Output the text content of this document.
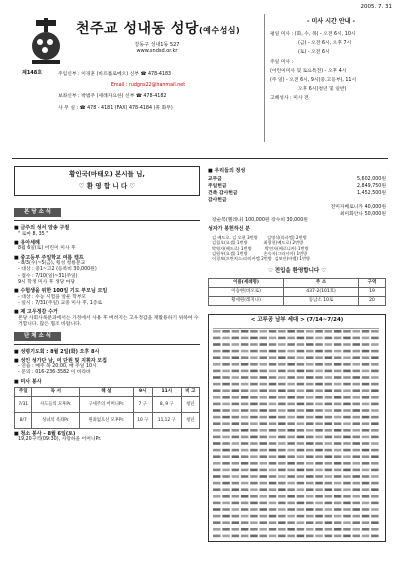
2005. 7. 31
제148호
천주교 성내동 성당(예수성심)
강동구 성내1동 527
www.sndsd.or.kr
주임신부 : 이경훈 (바르톨로메오) 신부 ☎ 478-4183
Email : rudgns22@hanmail.net
보좌신부 : 박범주 (세례자요한) 신부 ☎ 478-4182
사 무 실 : ☎ 478 - 4181 (FAX) 478-4184 (휴 화무)
- 미사 시간 안내 -

평일 미사 : (화, 수, 목) - 오전 6시, 10시

(금) - 오전 6시, 오후 7시

(토) - 오전 6시

주일 미사 :

(어린이미사 및 토요특전) - 오후 4시

(주 일) - 오전 6시, 9시(중.고등부), 11시

오후 6시(청년 및 일반)

고해성사 : 미사 전

황인국(마태오) 본시들 님,
♡ 환 영 합 니 다 ♡
본 당 소 식
■ 금주의 성서 암송 구절
" 로마 8, 35 "
■ 유아세례
8월 6일(토) 어린이 미사 후
■ 중고등부 주일학교 여름 캠프
- 8/3(수)~5(금), 횡성 청룡분교
- 대상 : 중1~고2 (등록비 30,000원)
- 접수 : 7/10(일)~31(주일)
9시 학생 미사 후 생당 마당
■ 수험생을 위한 100일 기도 부모님 모임
- 대상 : 수능 시험을 앞둔 학부모
- 일시 : 7/31(주일) 교중 미사 후, 1층로
■ 제 고우정감 수거
본당 사회사목분과에서는 가정에서 사용 후 버려지는 고우정감을 재활용하기 위하여 수거합니다. 많은 협조 바랍니다.
단 체 소 식
■ 성령기도회 : 8월 2일(화) 오후 8시
■ 성인 성가단 남, 여 단원 및 지휘자 모집
- 연습 : 매주 목 20:00, 매 주일 10시
- 문의 : 016-236-3582 이 바라바
■ 미사 봉사
주일	독 서	해 설	9시	11시	비 고
7/31	사도들의 모후Pr.	구세주의 어머니Pr.	7 구	8, 9 구	청년
8/7	성녀의 옥좌Pr.	원죄없으신 모후Pr.	10 구	11,12 구	청년
■ 청소 봉사 – 8월 6일(토)
19,20구역(09:30), 사랑하올 어머니Pr.
■ 우리들의 정성
교무금	5,602,000원
주일헌금	2,849,750원
건축 감사헌금	1,452,500원
감사헌금
전미자베로니카 40,000원
최미화안나 50,000원
장순복(헬레나) 100,000원 장수희 30,000원
성자가 봉헌하신 분
김 베드로. 김 오현 3번방       김명식(라파엘) 2번방
김철오(요셉) 1번방            최광헌(베드로) 2번방
박영자(베드로) 1번방          박연자(베로니카) 1번방
김원우(요셉) 1번방            손숙자(그라시아) 1번방
이경보(프란치스코)미카엘 2번방  김보안(아벨) 1번방
♡ 전입을 환영합니다 ♡
이름(세례명)	주 소	구역
이승현(바오로)	437-2(101호)	19
황세원(레지나)	동남소 10로	20
< 고루공 남부 세대 > (7/14~7/24)
